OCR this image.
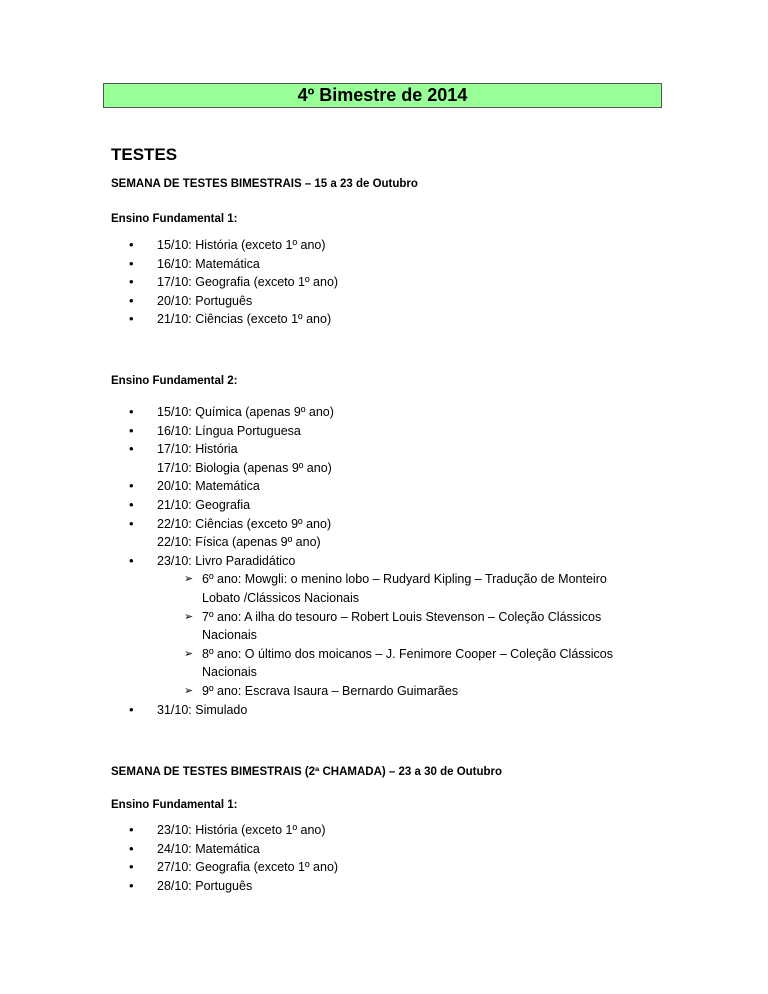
4º Bimestre de 2014
TESTES
SEMANA DE TESTES BIMESTRAIS – 15 a 23 de Outubro
Ensino Fundamental 1:
• 15/10: História (exceto 1º ano)
• 16/10: Matemática
• 17/10: Geografia (exceto 1º ano)
• 20/10: Português
• 21/10: Ciências (exceto 1º ano)
Ensino Fundamental 2:
• 15/10: Química (apenas 9º ano)
• 16/10: Língua Portuguesa
• 17/10: História
17/10: Biologia (apenas 9º ano)
• 20/10: Matemática
• 21/10: Geografia
• 22/10: Ciências (exceto 9º ano)
22/10: Física (apenas 9º ano)
• 23/10: Livro Paradidático
➢ 6º ano: Mowgli: o menino lobo – Rudyard Kipling – Tradução de Monteiro
Lobato /Clássicos Nacionais
➢ 7º ano: A ilha do tesouro – Robert Louis Stevenson – Coleção Clássicos
Nacionais
➢ 8º ano: O último dos moicanos – J. Fenimore Cooper – Coleção Clássicos
Nacionais
➢ 9º ano: Escrava Isaura – Bernardo Guimarães
• 31/10: Simulado
SEMANA DE TESTES BIMESTRAIS (2ª CHAMADA) – 23 a 30 de Outubro
Ensino Fundamental 1:
• 23/10: História (exceto 1º ano)
• 24/10: Matemática
• 27/10: Geografia (exceto 1º ano)
• 28/10: Português
